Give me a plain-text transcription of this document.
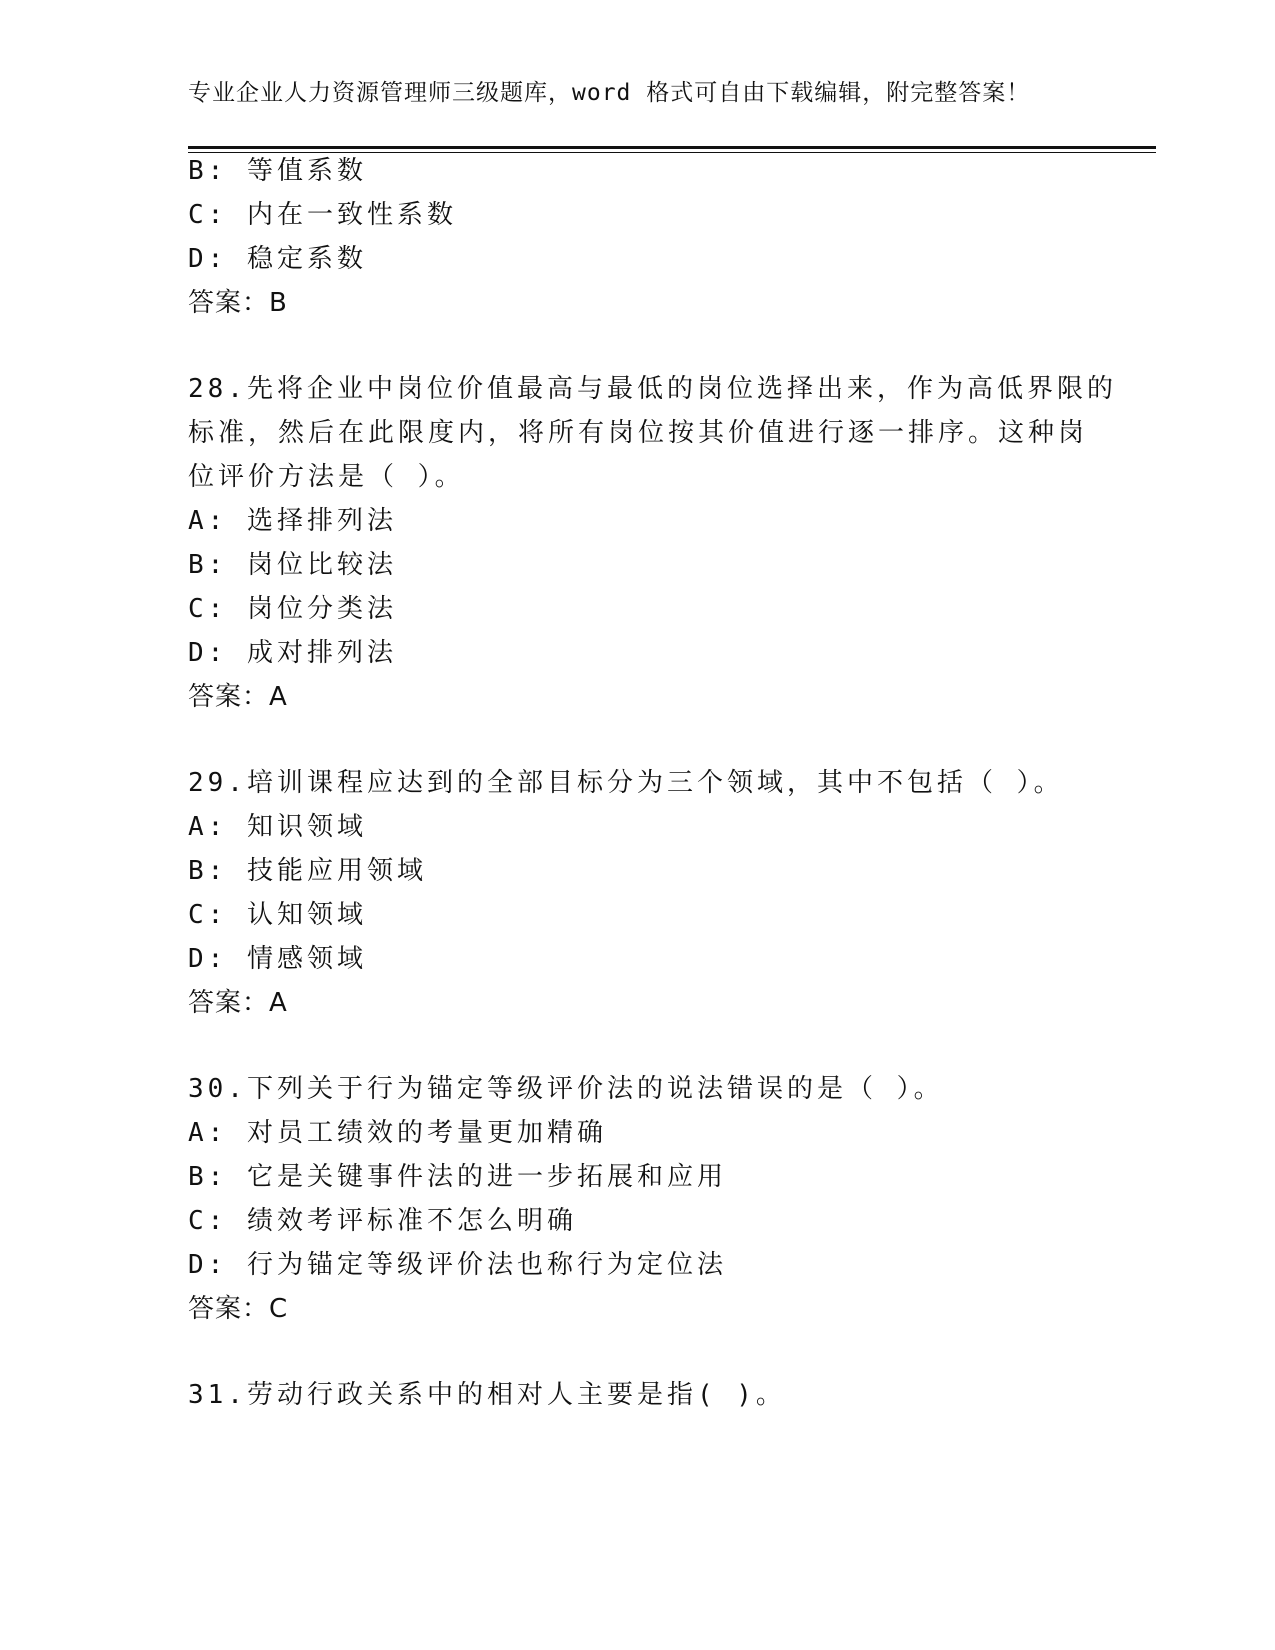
专业企业人力资源管理师三级题库，word 格式可自由下载编辑，附完整答案！
B: 等值系数
C: 内在一致性系数
D: 稳定系数
答案：B
28.先将企业中岗位价值最高与最低的岗位选择出来，作为高低界限的
标准，然后在此限度内，将所有岗位按其价值进行逐一排序。这种岗
位评价方法是（ ）。
A: 选择排列法
B: 岗位比较法
C: 岗位分类法
D: 成对排列法
答案：A
29.培训课程应达到的全部目标分为三个领域，其中不包括（ ）。
A: 知识领域
B: 技能应用领域
C: 认知领域
D: 情感领域
答案：A
30.下列关于行为锚定等级评价法的说法错误的是（ ）。
A: 对员工绩效的考量更加精确
B: 它是关键事件法的进一步拓展和应用
C: 绩效考评标准不怎么明确
D: 行为锚定等级评价法也称行为定位法
答案：C
31.劳动行政关系中的相对人主要是指( )。
